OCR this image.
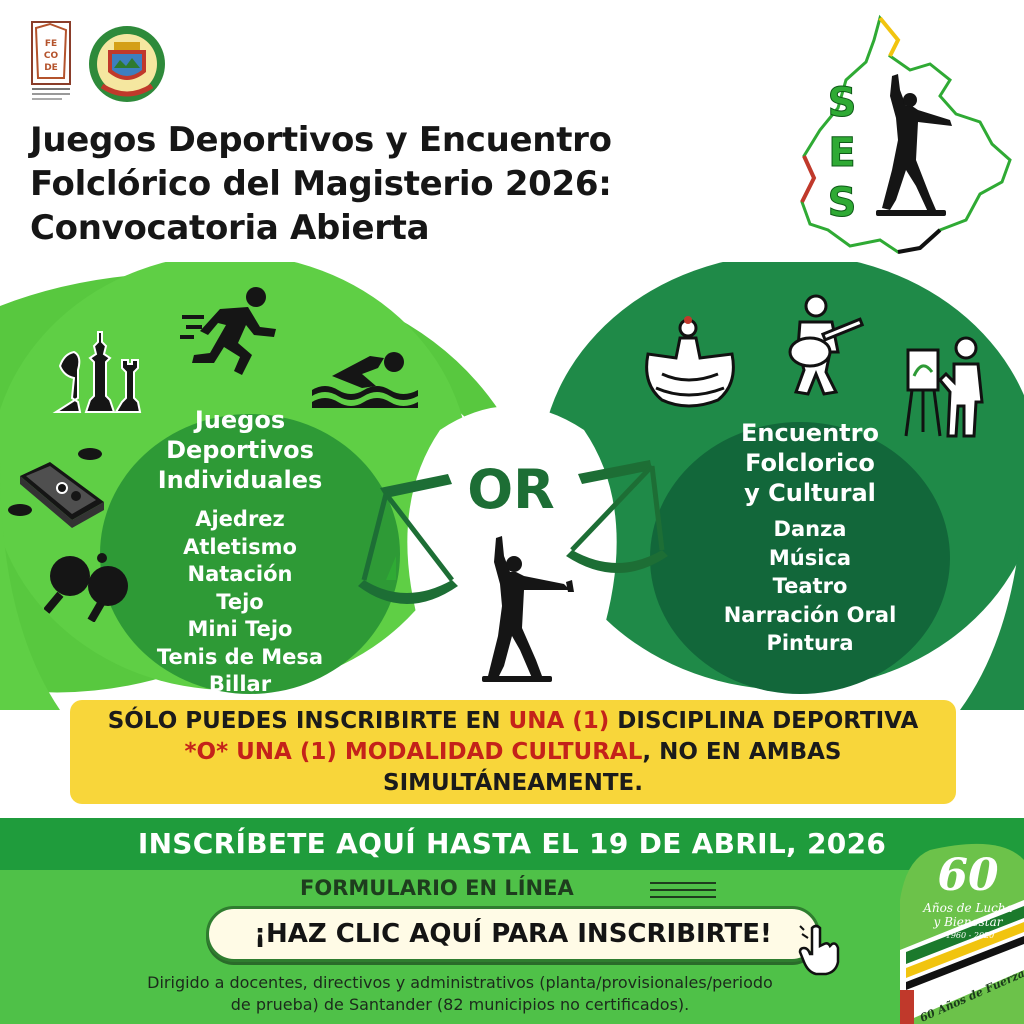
FE
CO
DE
Juegos Deportivos y Encuentro
Folclórico del Magisterio 2026:
Convocatoria Abierta
S
E
S
Juegos
Deportivos
Individuales
Ajedrez
Atletismo
Natación
Tejo
Mini Tejo
Tenis de Mesa
Billar
Encuentro
Folclorico
y Cultural
Danza
Música
Teatro
Narración Oral
Pintura
OR
SÓLO PUEDES INSCRIBIRTE EN UNA (1) DISCIPLINA DEPORTIVA
*O* UNA (1) MODALIDAD CULTURAL, NO EN AMBAS
SIMULTÁNEAMENTE.
INSCRÍBETE AQUÍ HASTA EL 19 DE ABRIL, 2026
FORMULARIO EN LÍNEA
¡HAZ CLIC AQUÍ PARA INSCRIBIRTE!
Dirigido a docentes, directivos y administrativos (planta/provisionales/periodo
de prueba) de Santander (82 municipios no certificados).
60
Años de Lucha
y Bienestar
1960 - 2020
